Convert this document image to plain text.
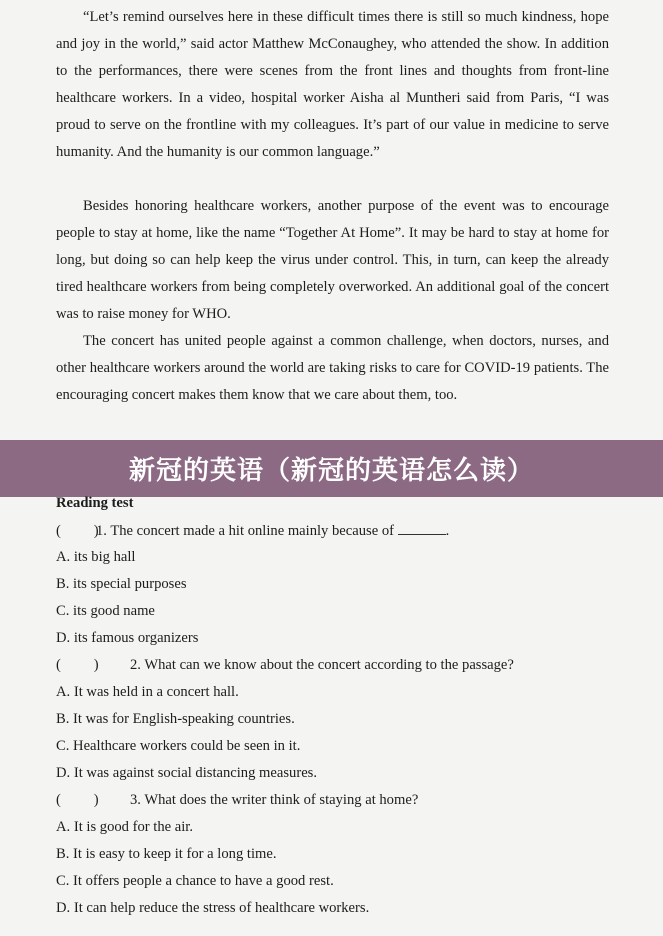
“Let’s remind ourselves here in these difficult times there is still so much kindness, hope and joy in the world,” said actor Matthew McConaughey, who attended the show. In addition to the performances, there were scenes from the front lines and thoughts from front-line healthcare workers. In a video, hospital worker Aisha al Muntheri said from Paris, “I was proud to serve on the frontline with my colleagues. It’s part of our value in medicine to serve humanity. And the humanity is our common language.”

Besides honoring healthcare workers, another purpose of the event was to encourage people to stay at home, like the name “Together At Home”. It may be hard to stay at home for long, but doing so can help keep the virus under control. This, in turn, can keep the already tired healthcare workers from being completely overworked. An additional goal of the concert was to raise money for WHO.

The concert has united people against a common challenge, when doctors, nurses, and other healthcare workers around the world are taking risks to care for COVID-19 patients. The encouraging concert makes them know that we care about them, too.

新冠的英语（新冠的英语怎么读）
Reading test
(         )1. The concert made a hit online mainly because of	.
A. its big hall
B. its special purposes
C. its good name
D. its famous organizers
(         ) 2. What can we know about the concert according to the passage?
A. It was held in a concert hall.
B. It was for English-speaking countries.
C. Healthcare workers could be seen in it.
D. It was against social distancing measures.
(         ) 3. What does the writer think of staying at home?
A. It is good for the air.
B. It is easy to keep it for a long time.
C. It offers people a chance to have a good rest.
D. It can help reduce the stress of healthcare workers.
